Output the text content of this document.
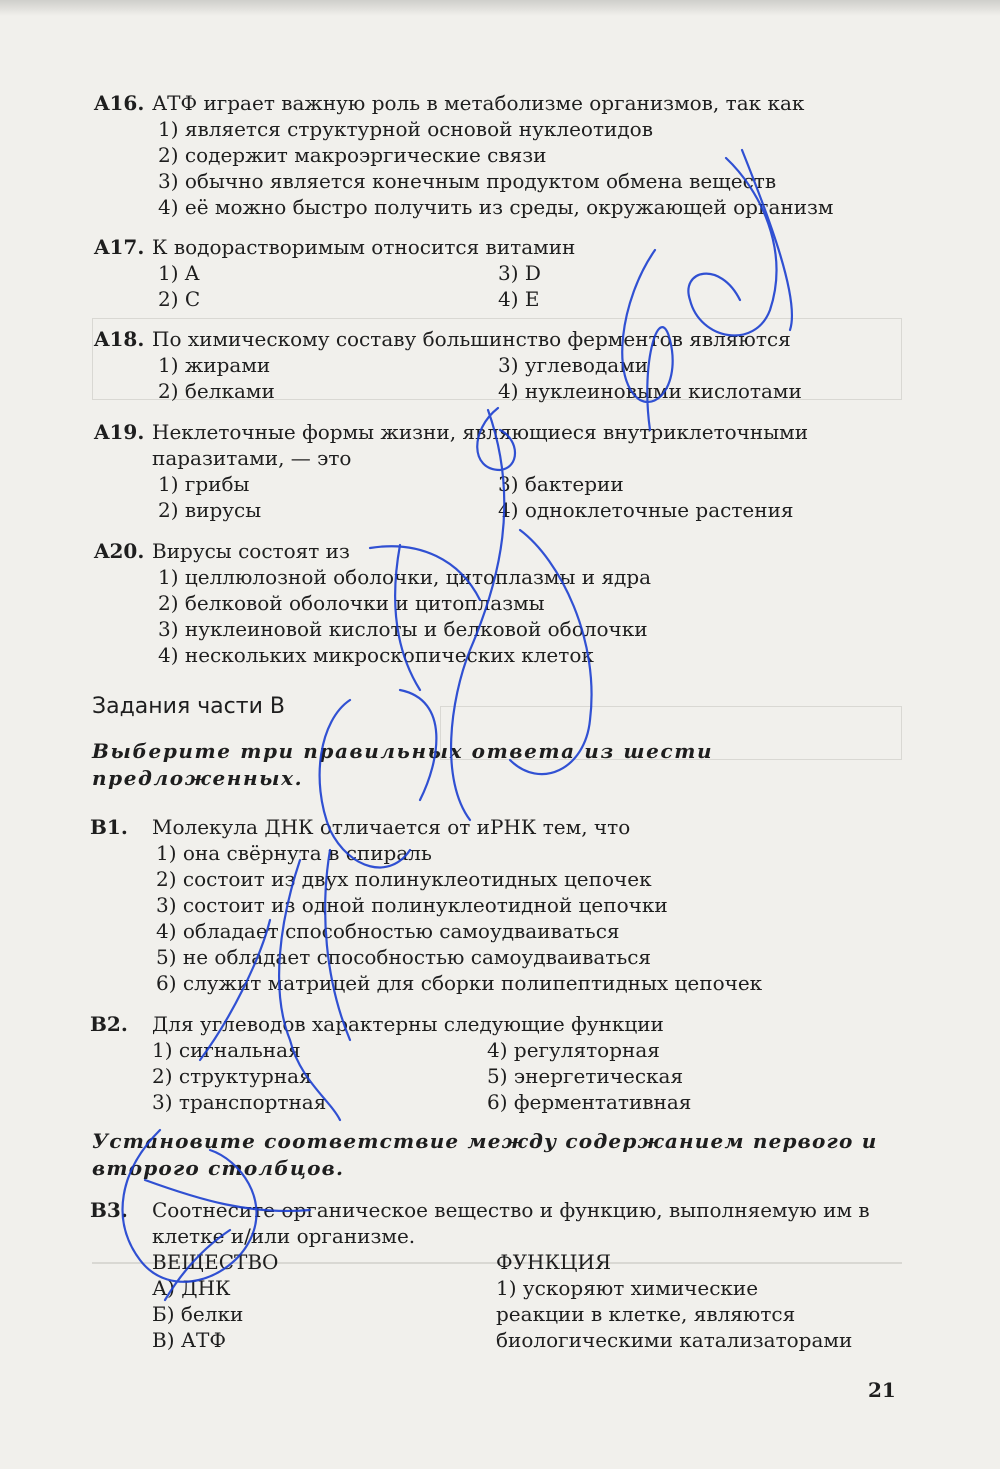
A16. АТФ играет важную роль в метаболизме организмов, так как
1) является структурной основой нуклеотидов
2) содержит макроэргические связи
3) обычно является конечным продуктом обмена веществ
4) её можно быстро получить из среды, окружающей организм
A17. К водорастворимым относится витамин
1) A	3) D
2) C	4) E
A18. По химическому составу большинство ферментов являются
1) жирами	3) углеводами
2) белками	4) нуклеиновыми кислотами
A19. Неклеточные формы жизни, являющиеся внутриклеточными паразитами, — это
1) грибы	3) бактерии
2) вирусы	4) одноклеточные растения
A20. Вирусы состоят из
1) целлюлозной оболочки, цитоплазмы и ядра
2) белковой оболочки и цитоплазмы
3) нуклеиновой кислоты и белковой оболочки
4) нескольких микроскопических клеток
Задания части В
Выберите три правильных ответа из шести предложенных.
В1.	Молекула ДНК отличается от иРНК тем, что
1) она свёрнута в спираль
2) состоит из двух полинуклеотидных цепочек
3) состоит из одной полинуклеотидной цепочки
4) обладает способностью самоудваиваться
5) не обладает способностью самоудваиваться
6) служит матрицей для сборки полипептидных цепочек
В2.	Для углеводов характерны следующие функции
1) сигнальная	4) регуляторная
2) структурная	5) энергетическая
3) транспортная	6) ферментативная
Установите соответствие между содержанием первого и второго столбцов.
В3.	Соотнесите органическое вещество и функцию, выполняемую им в клетке и/или организме.
ВЕЩЕСТВО	ФУНКЦИЯ
А) ДНК	1) ускоряют химические
Б) белки	реакции в клетке, являются
В) АТФ	биологическими катализаторами
21
